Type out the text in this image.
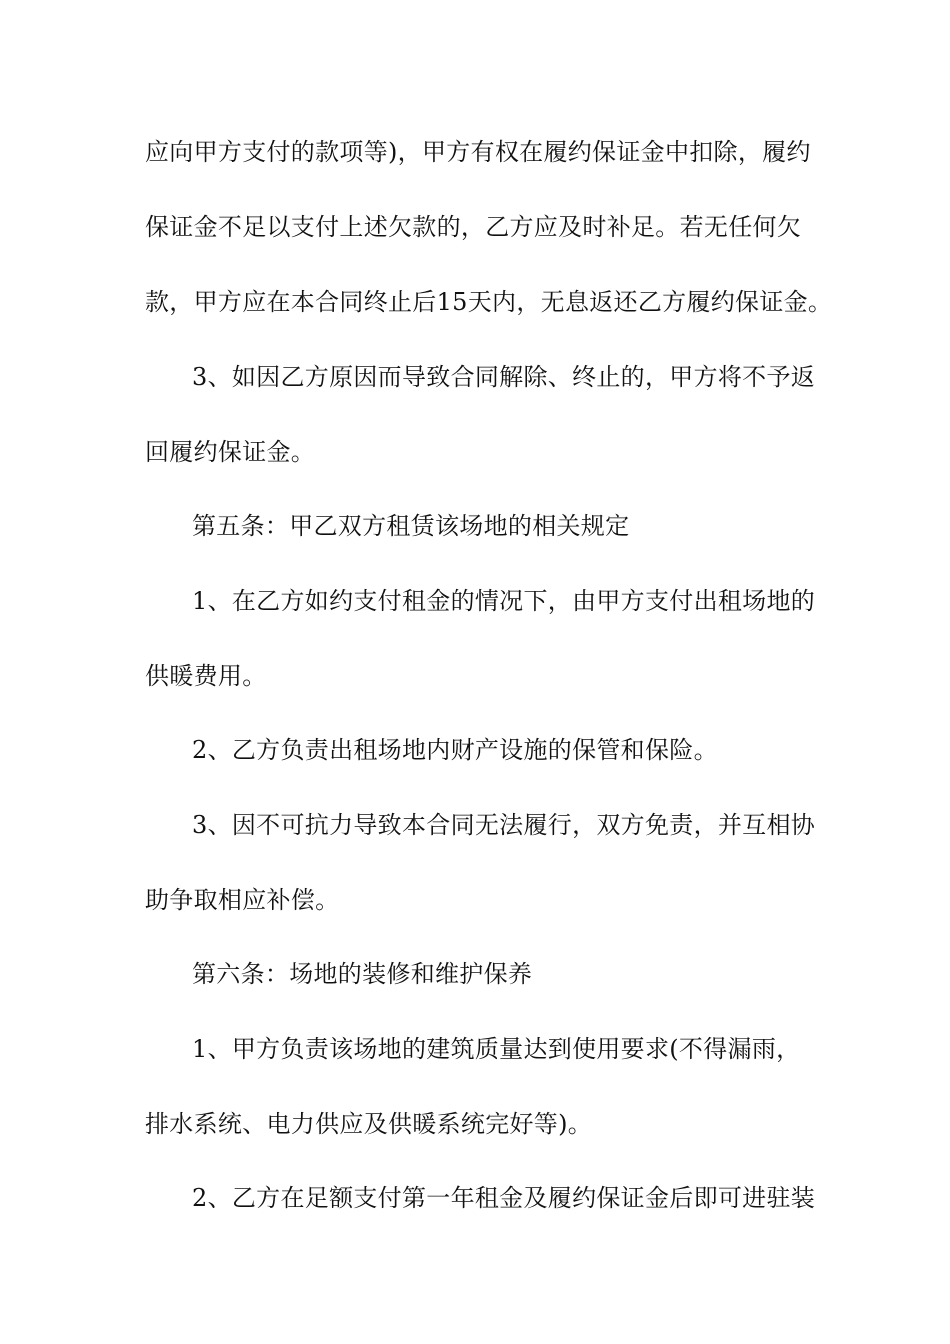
应向甲方支付的款项等)，甲方有权在履约保证金中扣除，履约
保证金不足以支付上述欠款的，乙方应及时补足。若无任何欠
款，甲方应在本合同终止后15天内，无息返还乙方履约保证金。
3、如因乙方原因而导致合同解除、终止的，甲方将不予返
回履约保证金。
第五条：甲乙双方租赁该场地的相关规定
1、在乙方如约支付租金的情况下，由甲方支付出租场地的
供暖费用。
2、乙方负责出租场地内财产设施的保管和保险。
3、因不可抗力导致本合同无法履行，双方免责，并互相协
助争取相应补偿。
第六条：场地的装修和维护保养
1、甲方负责该场地的建筑质量达到使用要求(不得漏雨，
排水系统、电力供应及供暖系统完好等)。
2、乙方在足额支付第一年租金及履约保证金后即可进驻装
